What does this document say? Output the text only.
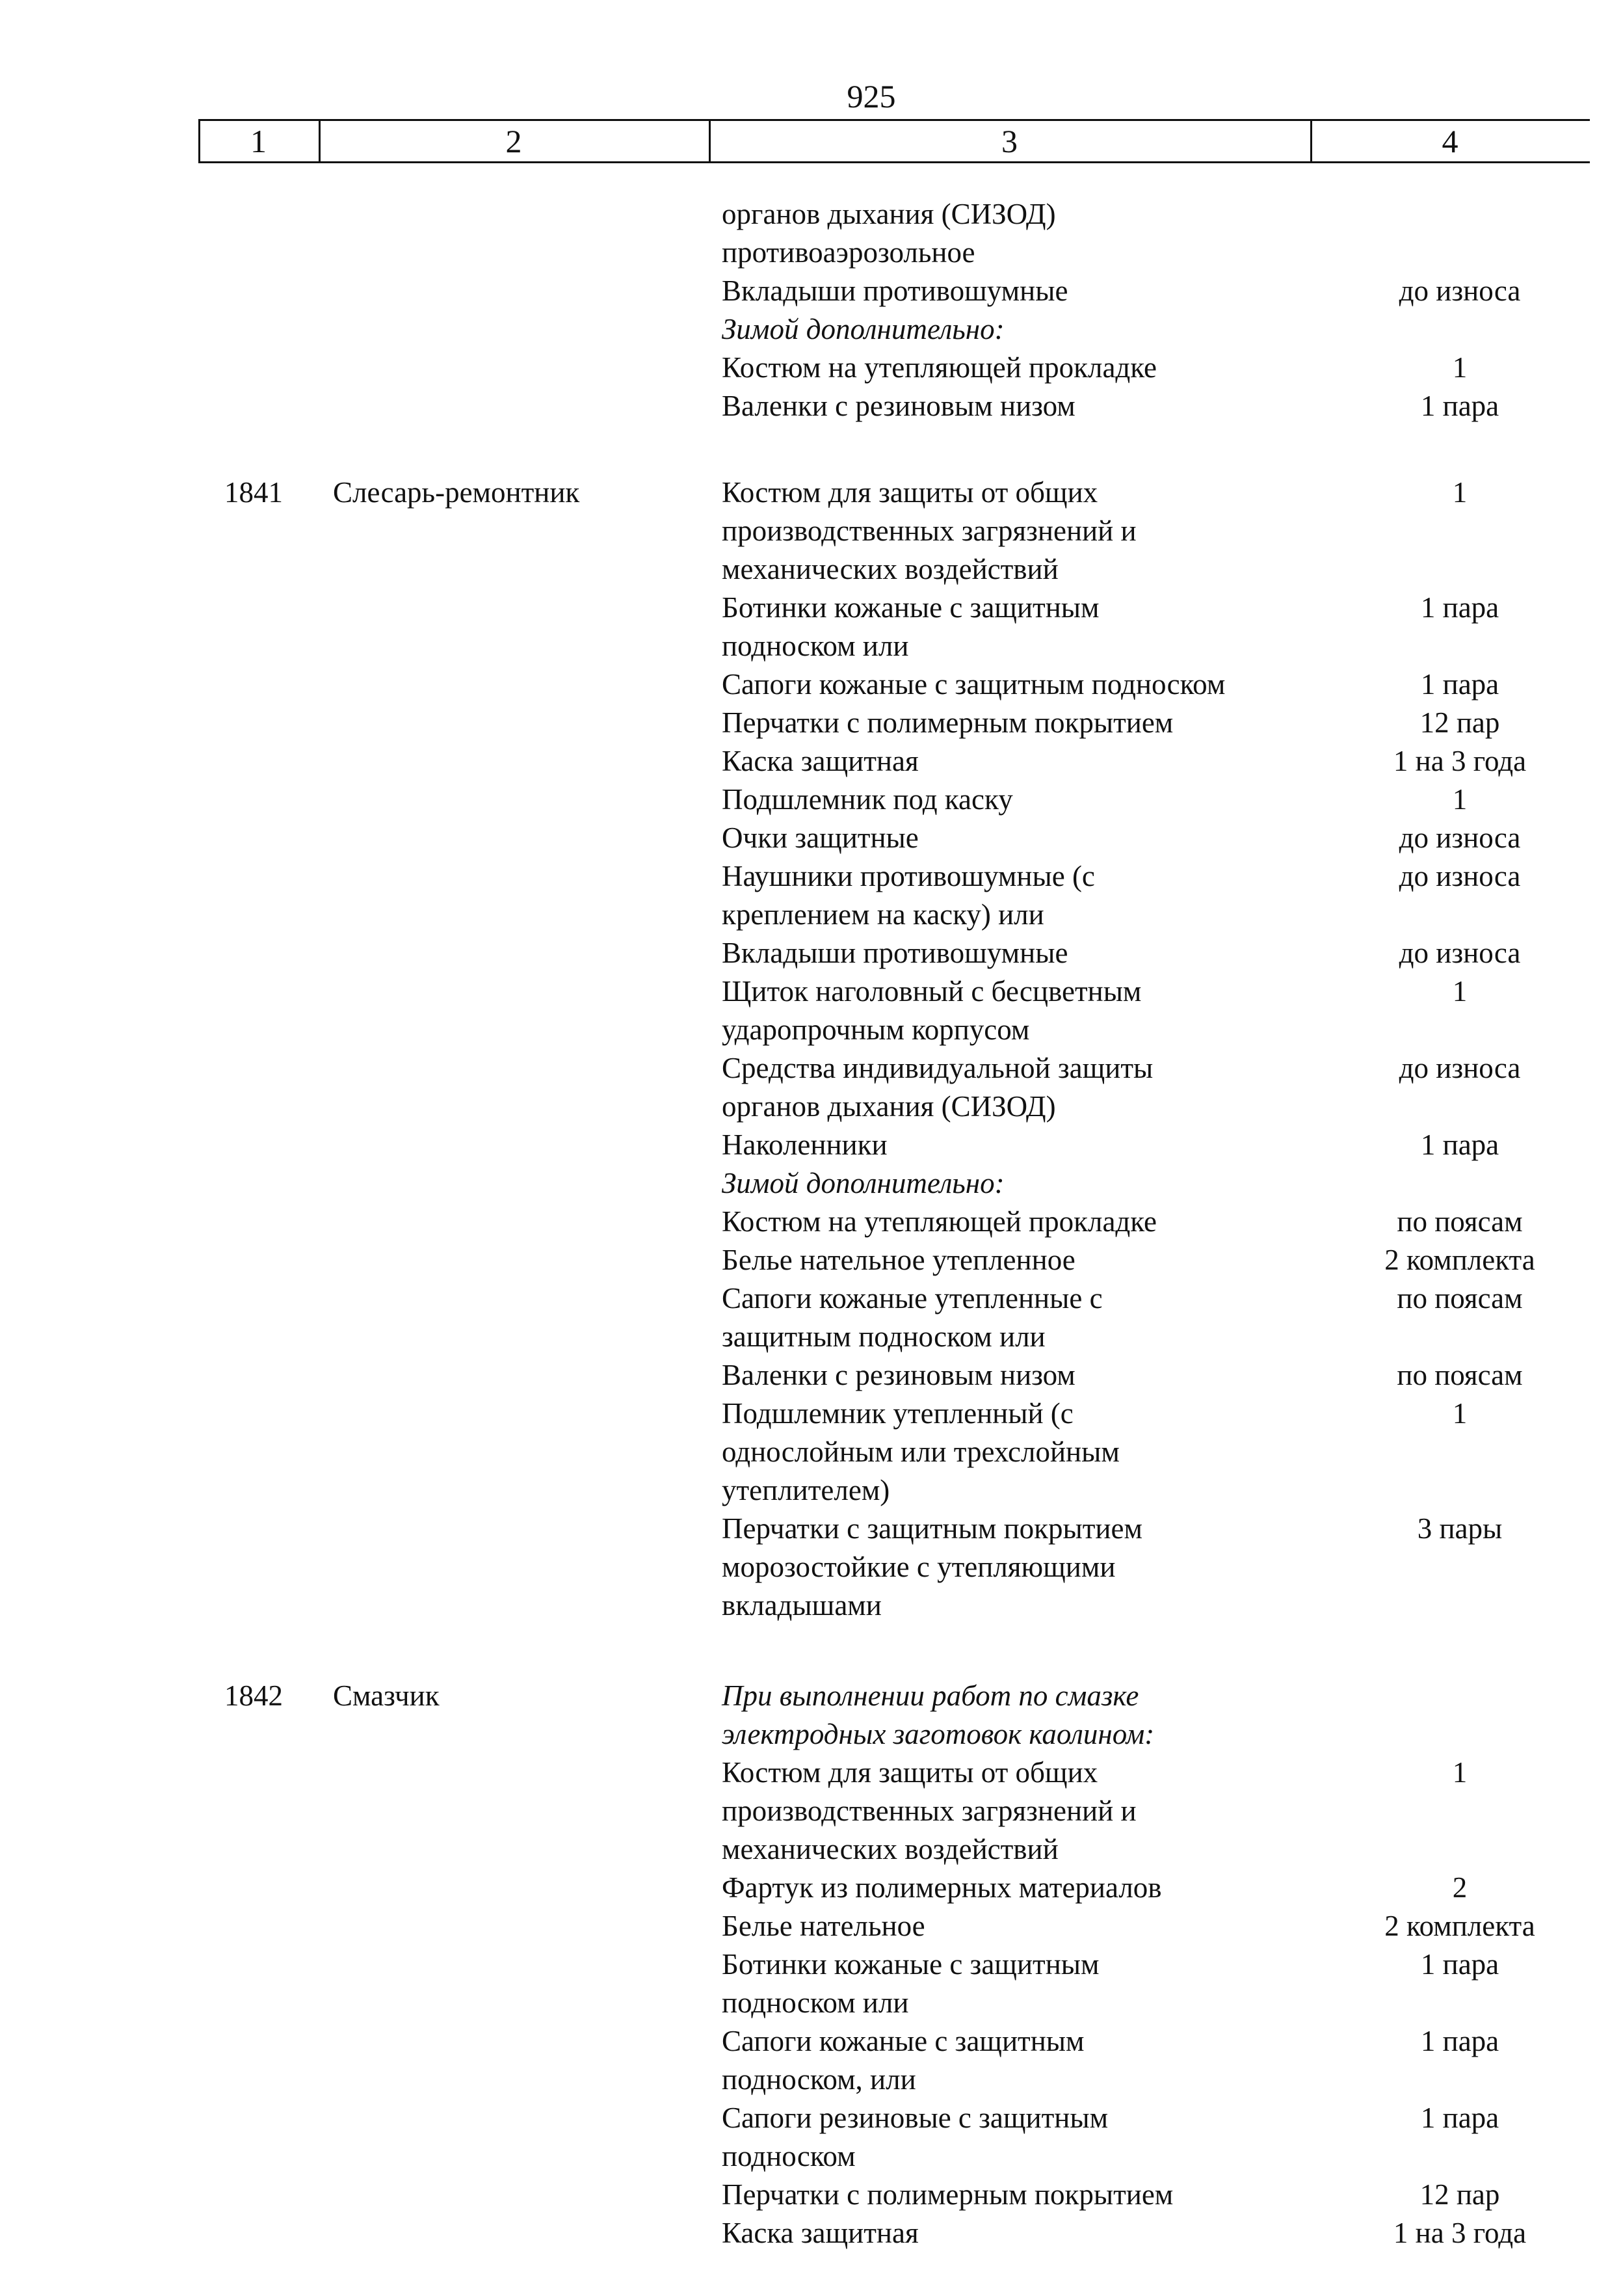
925
1	2	3	4
органов дыхания (СИЗОД)
противоаэрозольное
Вкладыши противошумные	до износа
Зимой дополнительно:
Костюм на утепляющей прокладке	1
Валенки с резиновым низом	1 пара
1841 Слесарь-ремонтник	Костюм для защиты от общих	1
производственных загрязнений и
механических воздействий
Ботинки кожаные с защитным	1 пара
подноском или
Сапоги кожаные с защитным подноском	1 пара
Перчатки с полимерным покрытием	12 пар
Каска защитная	1 на 3 года
Подшлемник под каску	1
Очки защитные	до износа
Наушники противошумные (с	до износа
креплением на каску) или
Вкладыши противошумные	до износа
Щиток наголовный с бесцветным	1
ударопрочным корпусом
Средства индивидуальной защиты	до износа
органов дыхания (СИЗОД)
Наколенники	1 пара
Зимой дополнительно:
Костюм на утепляющей прокладке	по поясам
Белье нательное утепленное	2 комплекта
Сапоги кожаные утепленные с	по поясам
защитным подноском или
Валенки с резиновым низом	по поясам
Подшлемник утепленный (с	1
однослойным или трехслойным
утеплителем)
Перчатки с защитным покрытием	3 пары
морозостойкие с утепляющими
вкладышами
1842 Смазчик	При выполнении работ по смазке
электродных заготовок каолином:
Костюм для защиты от общих	1
производственных загрязнений и
механических воздействий
Фартук из полимерных материалов	2
Белье нательное	2 комплекта
Ботинки кожаные с защитным	1 пара
подноском или
Сапоги кожаные с защитным	1 пара
подноском, или
Сапоги резиновые с защитным	1 пара
подноском
Перчатки с полимерным покрытием	12 пар
Каска защитная	1 на 3 года
